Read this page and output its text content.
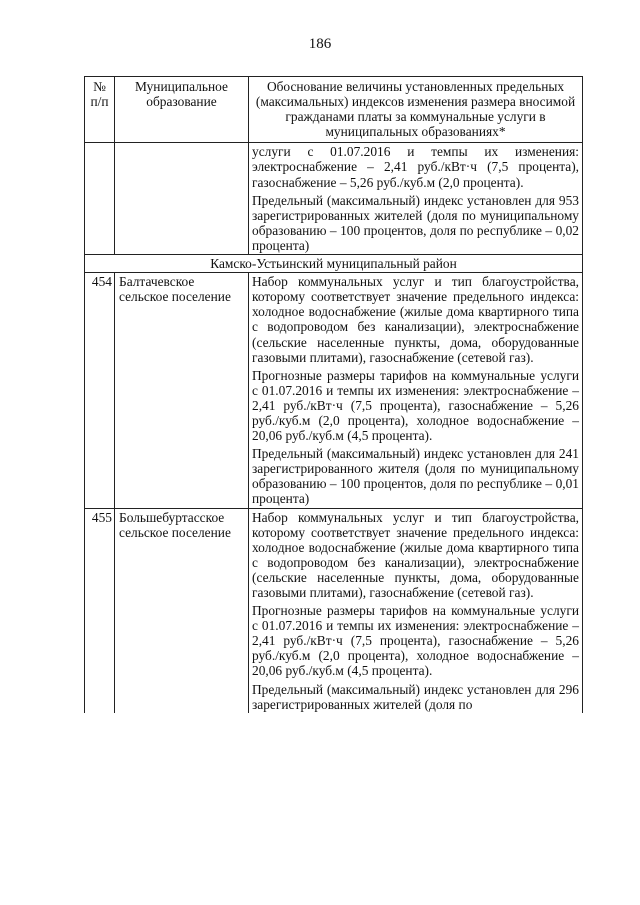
186
№ п/п	Муниципальное образование	Обоснование величины установленных предельных (максимальных) индексов изменения размера вносимой гражданами платы за коммунальные услуги в муниципальных образованиях*

		услуги с 01.07.2016 и темпы их изменения: электроснабжение – 2,41 руб./кВт·ч (7,5 процента), газоснабжение – 5,26 руб./куб.м (2,0 процента).

Предельный (максимальный) индекс установлен для 953 зарегистрированных жителей (доля по муниципальному образованию – 100 процентов, доля по республике – 0,02 процента)

Камско-Устьинский муниципальный район		
454	Балтачевское сельское поселение	Набор коммунальных услуг и тип благоустройства, которому соответствует значение предельного индекса: холодное водоснабжение (жилые дома квартирного типа с водопроводом без канализации), электроснабжение (сельские населенные пункты, дома, оборудованные газовыми плитами), газоснабжение (сетевой газ).

Прогнозные размеры тарифов на коммунальные услуги с 01.07.2016 и темпы их изменения: электроснабжение – 2,41 руб./кВт·ч (7,5 процента), газоснабжение – 5,26 руб./куб.м (2,0 процента), холодное водоснабжение – 20,06 руб./куб.м (4,5 процента).

Предельный (максимальный) индекс установлен для 241 зарегистрированного жителя (доля по муниципальному образованию – 100 процентов, доля по республике – 0,01 процента)

455	Большебуртасское сельское поселение	Набор коммунальных услуг и тип благоустройства, которому соответствует значение предельного индекса: холодное водоснабжение (жилые дома квартирного типа с водопроводом без канализации), электроснабжение (сельские населенные пункты, дома, оборудованные газовыми плитами), газоснабжение (сетевой газ).

Прогнозные размеры тарифов на коммунальные услуги с 01.07.2016 и темпы их изменения: электроснабжение – 2,41 руб./кВт·ч (7,5 процента), газоснабжение – 5,26 руб./куб.м (2,0 процента), холодное водоснабжение – 20,06 руб./куб.м (4,5 процента).

Предельный (максимальный) индекс установлен для 296 зарегистрированных жителей (доля по
